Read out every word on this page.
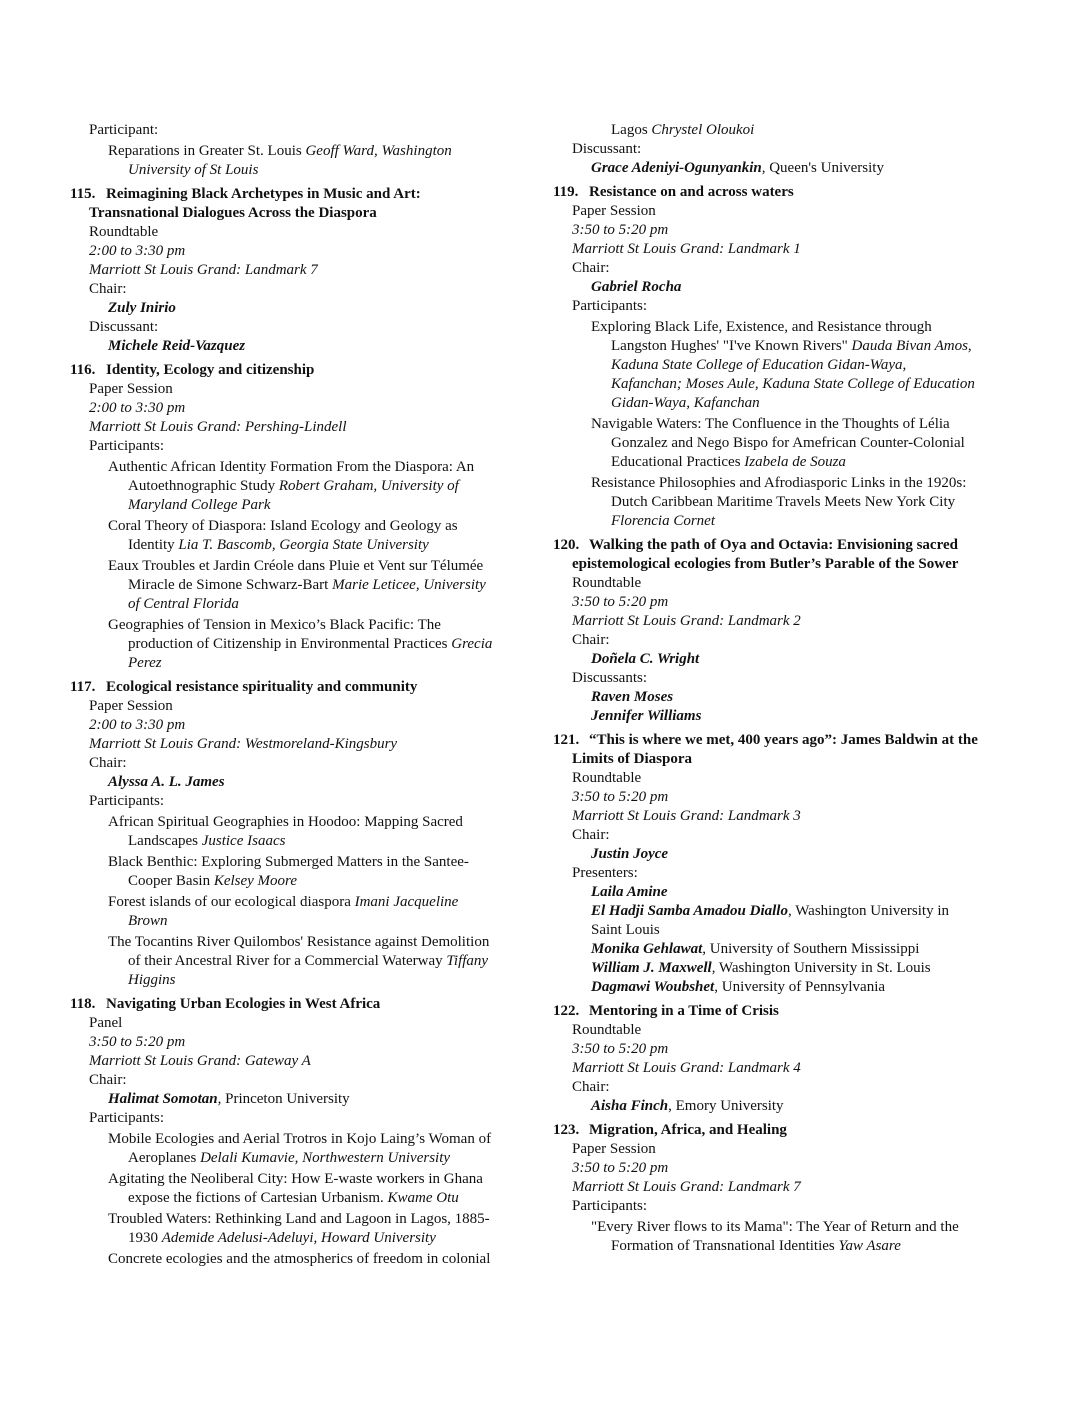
Participant:
Reparations in Greater St. Louis Geoff Ward, Washington
University of St Louis
115. Reimagining Black Archetypes in Music and Art:
Transnational Dialogues Across the Diaspora
Roundtable
2:00 to 3:30 pm
Marriott St Louis Grand: Landmark 7
Chair:
Zuly Inirio
Discussant:
Michele Reid-Vazquez
116. Identity, Ecology and citizenship
Paper Session
2:00 to 3:30 pm
Marriott St Louis Grand: Pershing-Lindell
Participants:
Authentic African Identity Formation From the Diaspora: An
Autoethnographic Study Robert Graham, University of
Maryland College Park
Coral Theory of Diaspora: Island Ecology and Geology as
Identity Lia T. Bascomb, Georgia State University
Eaux Troubles et Jardin Créole dans Pluie et Vent sur Télumée
Miracle de Simone Schwarz-Bart Marie Leticee, University
of Central Florida
Geographies of Tension in Mexico’s Black Pacific: The
production of Citizenship in Environmental Practices Grecia
Perez
117. Ecological resistance spirituality and community
Paper Session
2:00 to 3:30 pm
Marriott St Louis Grand: Westmoreland-Kingsbury
Chair:
Alyssa A. L. James
Participants:
African Spiritual Geographies in Hoodoo: Mapping Sacred
Landscapes Justice Isaacs
Black Benthic: Exploring Submerged Matters in the Santee-
Cooper Basin Kelsey Moore
Forest islands of our ecological diaspora Imani Jacqueline
Brown
The Tocantins River Quilombos' Resistance against Demolition
of their Ancestral River for a Commercial Waterway Tiffany
Higgins
118. Navigating Urban Ecologies in West Africa
Panel
3:50 to 5:20 pm
Marriott St Louis Grand: Gateway A
Chair:
Halimat Somotan, Princeton University
Participants:
Mobile Ecologies and Aerial Trotros in Kojo Laing’s Woman of
Aeroplanes Delali Kumavie, Northwestern University
Agitating the Neoliberal City: How E-waste workers in Ghana
expose the fictions of Cartesian Urbanism. Kwame Otu
Troubled Waters: Rethinking Land and Lagoon in Lagos, 1885-
1930 Ademide Adelusi-Adeluyi, Howard University
Concrete ecologies and the atmospherics of freedom in colonial
Lagos Chrystel Oloukoi
Discussant:
Grace Adeniyi-Ogunyankin, Queen's University
119. Resistance on and across waters
Paper Session
3:50 to 5:20 pm
Marriott St Louis Grand: Landmark 1
Chair:
Gabriel Rocha
Participants:
Exploring Black Life, Existence, and Resistance through
Langston Hughes' "I've Known Rivers" Dauda Bivan Amos,
Kaduna State College of Education Gidan-Waya,
Kafanchan; Moses Aule, Kaduna State College of Education
Gidan-Waya, Kafanchan
Navigable Waters: The Confluence in the Thoughts of Lélia
Gonzalez and Nego Bispo for Amefrican Counter-Colonial
Educational Practices Izabela de Souza
Resistance Philosophies and Afrodiasporic Links in the 1920s:
Dutch Caribbean Maritime Travels Meets New York City
Florencia Cornet
120. Walking the path of Oya and Octavia: Envisioning sacred
epistemological ecologies from Butler’s Parable of the Sower
Roundtable
3:50 to 5:20 pm
Marriott St Louis Grand: Landmark 2
Chair:
Doñela C. Wright
Discussants:
Raven Moses
Jennifer Williams
121. “This is where we met, 400 years ago”: James Baldwin at the
Limits of Diaspora
Roundtable
3:50 to 5:20 pm
Marriott St Louis Grand: Landmark 3
Chair:
Justin Joyce
Presenters:
Laila Amine
El Hadji Samba Amadou Diallo, Washington University in
Saint Louis
Monika Gehlawat, University of Southern Mississippi
William J. Maxwell, Washington University in St. Louis
Dagmawi Woubshet, University of Pennsylvania
122. Mentoring in a Time of Crisis
Roundtable
3:50 to 5:20 pm
Marriott St Louis Grand: Landmark 4
Chair:
Aisha Finch, Emory University
123. Migration, Africa, and Healing
Paper Session
3:50 to 5:20 pm
Marriott St Louis Grand: Landmark 7
Participants:
"Every River flows to its Mama": The Year of Return and the
Formation of Transnational Identities Yaw Asare
